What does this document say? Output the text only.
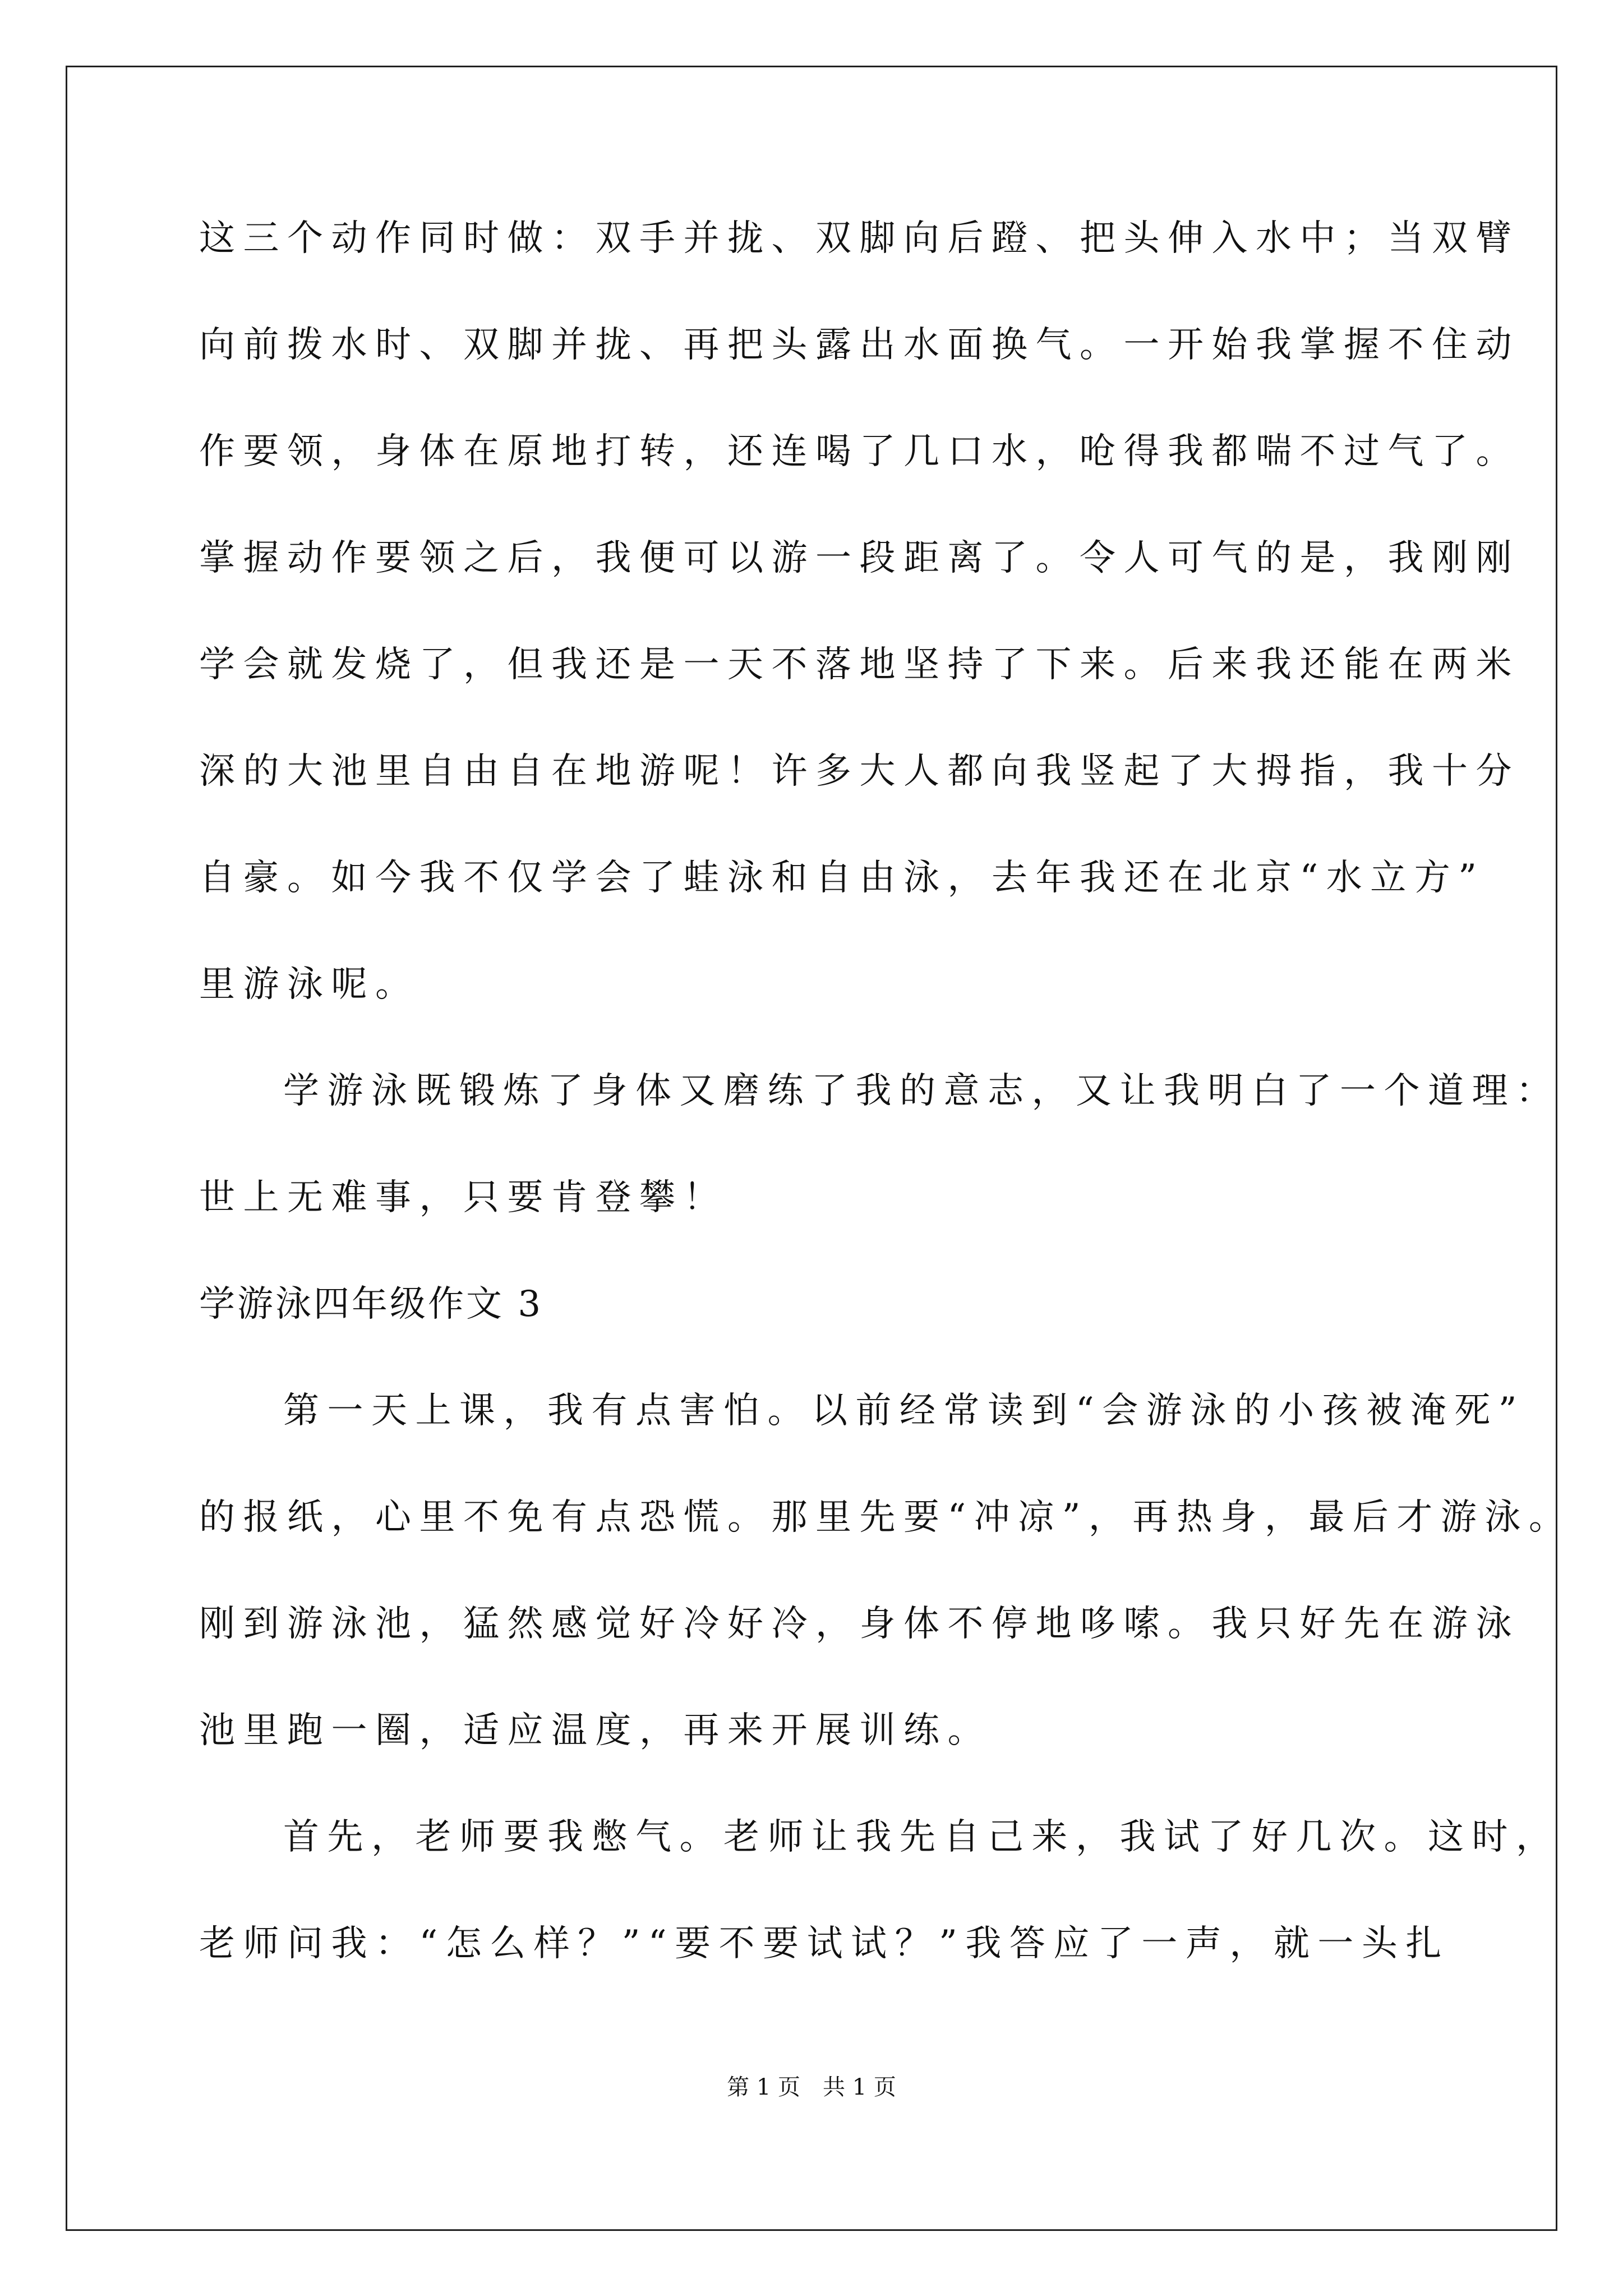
这三个动作同时做：双手并拢、双脚向后蹬、把头伸入水中；当双臂
向前拨水时、双脚并拢、再把头露出水面换气。一开始我掌握不住动
作要领，身体在原地打转，还连喝了几口水，呛得我都喘不过气了。
掌握动作要领之后，我便可以游一段距离了。令人可气的是，我刚刚
学会就发烧了，但我还是一天不落地坚持了下来。后来我还能在两米
深的大池里自由自在地游呢！许多大人都向我竖起了大拇指，我十分
自豪。如今我不仅学会了蛙泳和自由泳，去年我还在北京“水立方”
里游泳呢。
学游泳既锻炼了身体又磨练了我的意志，又让我明白了一个道理：
世上无难事，只要肯登攀！
学游泳四年级作文 3
第一天上课，我有点害怕。以前经常读到“会游泳的小孩被淹死”
的报纸，心里不免有点恐慌。那里先要“冲凉”，再热身，最后才游泳。
刚到游泳池，猛然感觉好冷好冷，身体不停地哆嗦。我只好先在游泳
池里跑一圈，适应温度，再来开展训练。
首先，老师要我憋气。老师让我先自己来，我试了好几次。这时，
老师问我：“怎么样？”“要不要试试？”我答应了一声，就一头扎
第 1 页　共 1 页
